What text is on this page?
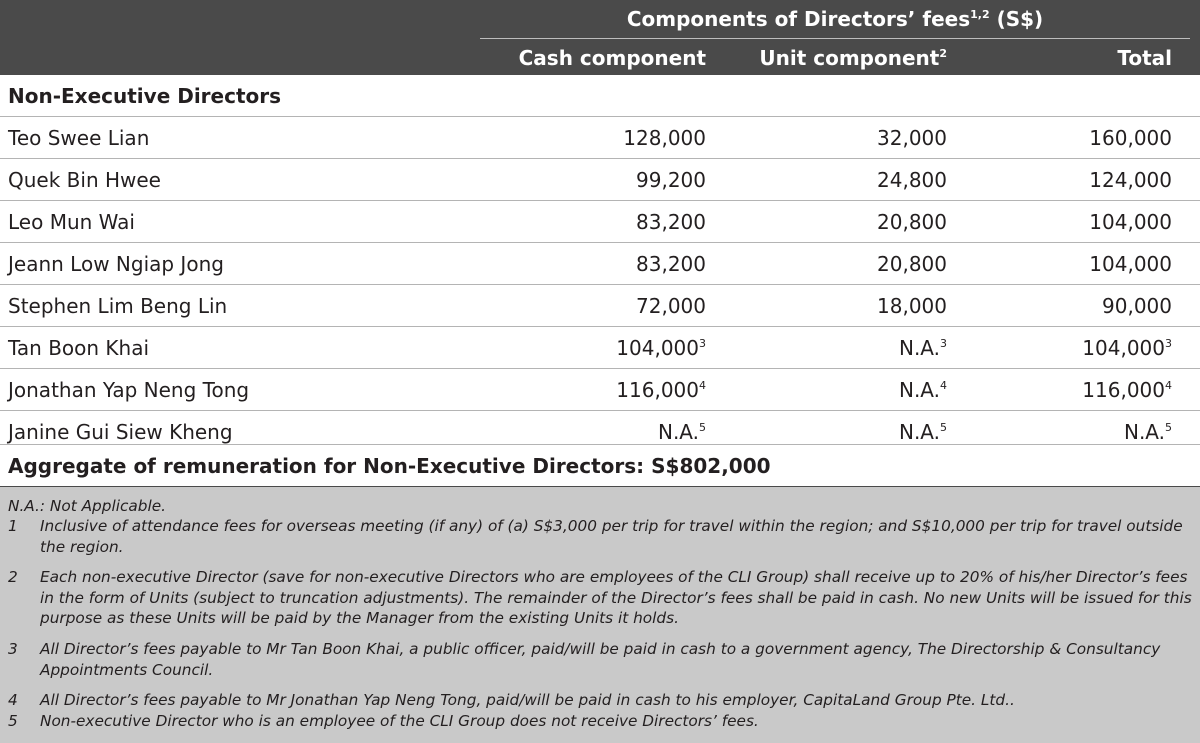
Components of Directors’ fees$^{1,2}$ (S$)
Cash component	Unit component$^2$	Total
Non-Executive Directors
Teo Swee Lian	128,000	32,000	160,000
Quek Bin Hwee	99,200	24,800	124,000
Leo Mun Wai	83,200	20,800	104,000
Jeann Low Ngiap Jong	83,200	20,800	104,000
Stephen Lim Beng Lin	72,000	18,000	90,000
Tan Boon Khai	104,000$^3$	N.A.$^3$	104,000$^3$
Jonathan Yap Neng Tong	116,000$^4$	N.A.$^4$	116,000$^4$
Janine Gui Siew Kheng	N.A.$^5$	N.A.$^5$	N.A.$^5$
Aggregate of remuneration for Non-Executive Directors: S$802,000
N.A.: Not Applicable.
1 Inclusive of attendance fees for overseas meeting (if any) of (a) S$3,000 per trip for travel within the region; and S$10,000 per trip for travel outside the region.
2 Each non-executive Director (save for non-executive Directors who are employees of the CLI Group) shall receive up to 20% of his/her Director’s fees in the form of Units (subject to truncation adjustments). The remainder of the Director’s fees shall be paid in cash. No new Units will be issued for this purpose as these Units will be paid by the Manager from the existing Units it holds.
3 All Director’s fees payable to Mr Tan Boon Khai, a public officer, paid/will be paid in cash to a government agency, The Directorship & Consultancy Appointments Council.
4 All Director’s fees payable to Mr Jonathan Yap Neng Tong, paid/will be paid in cash to his employer, CapitaLand Group Pte. Ltd..
5 Non-executive Director who is an employee of the CLI Group does not receive Directors’ fees.
